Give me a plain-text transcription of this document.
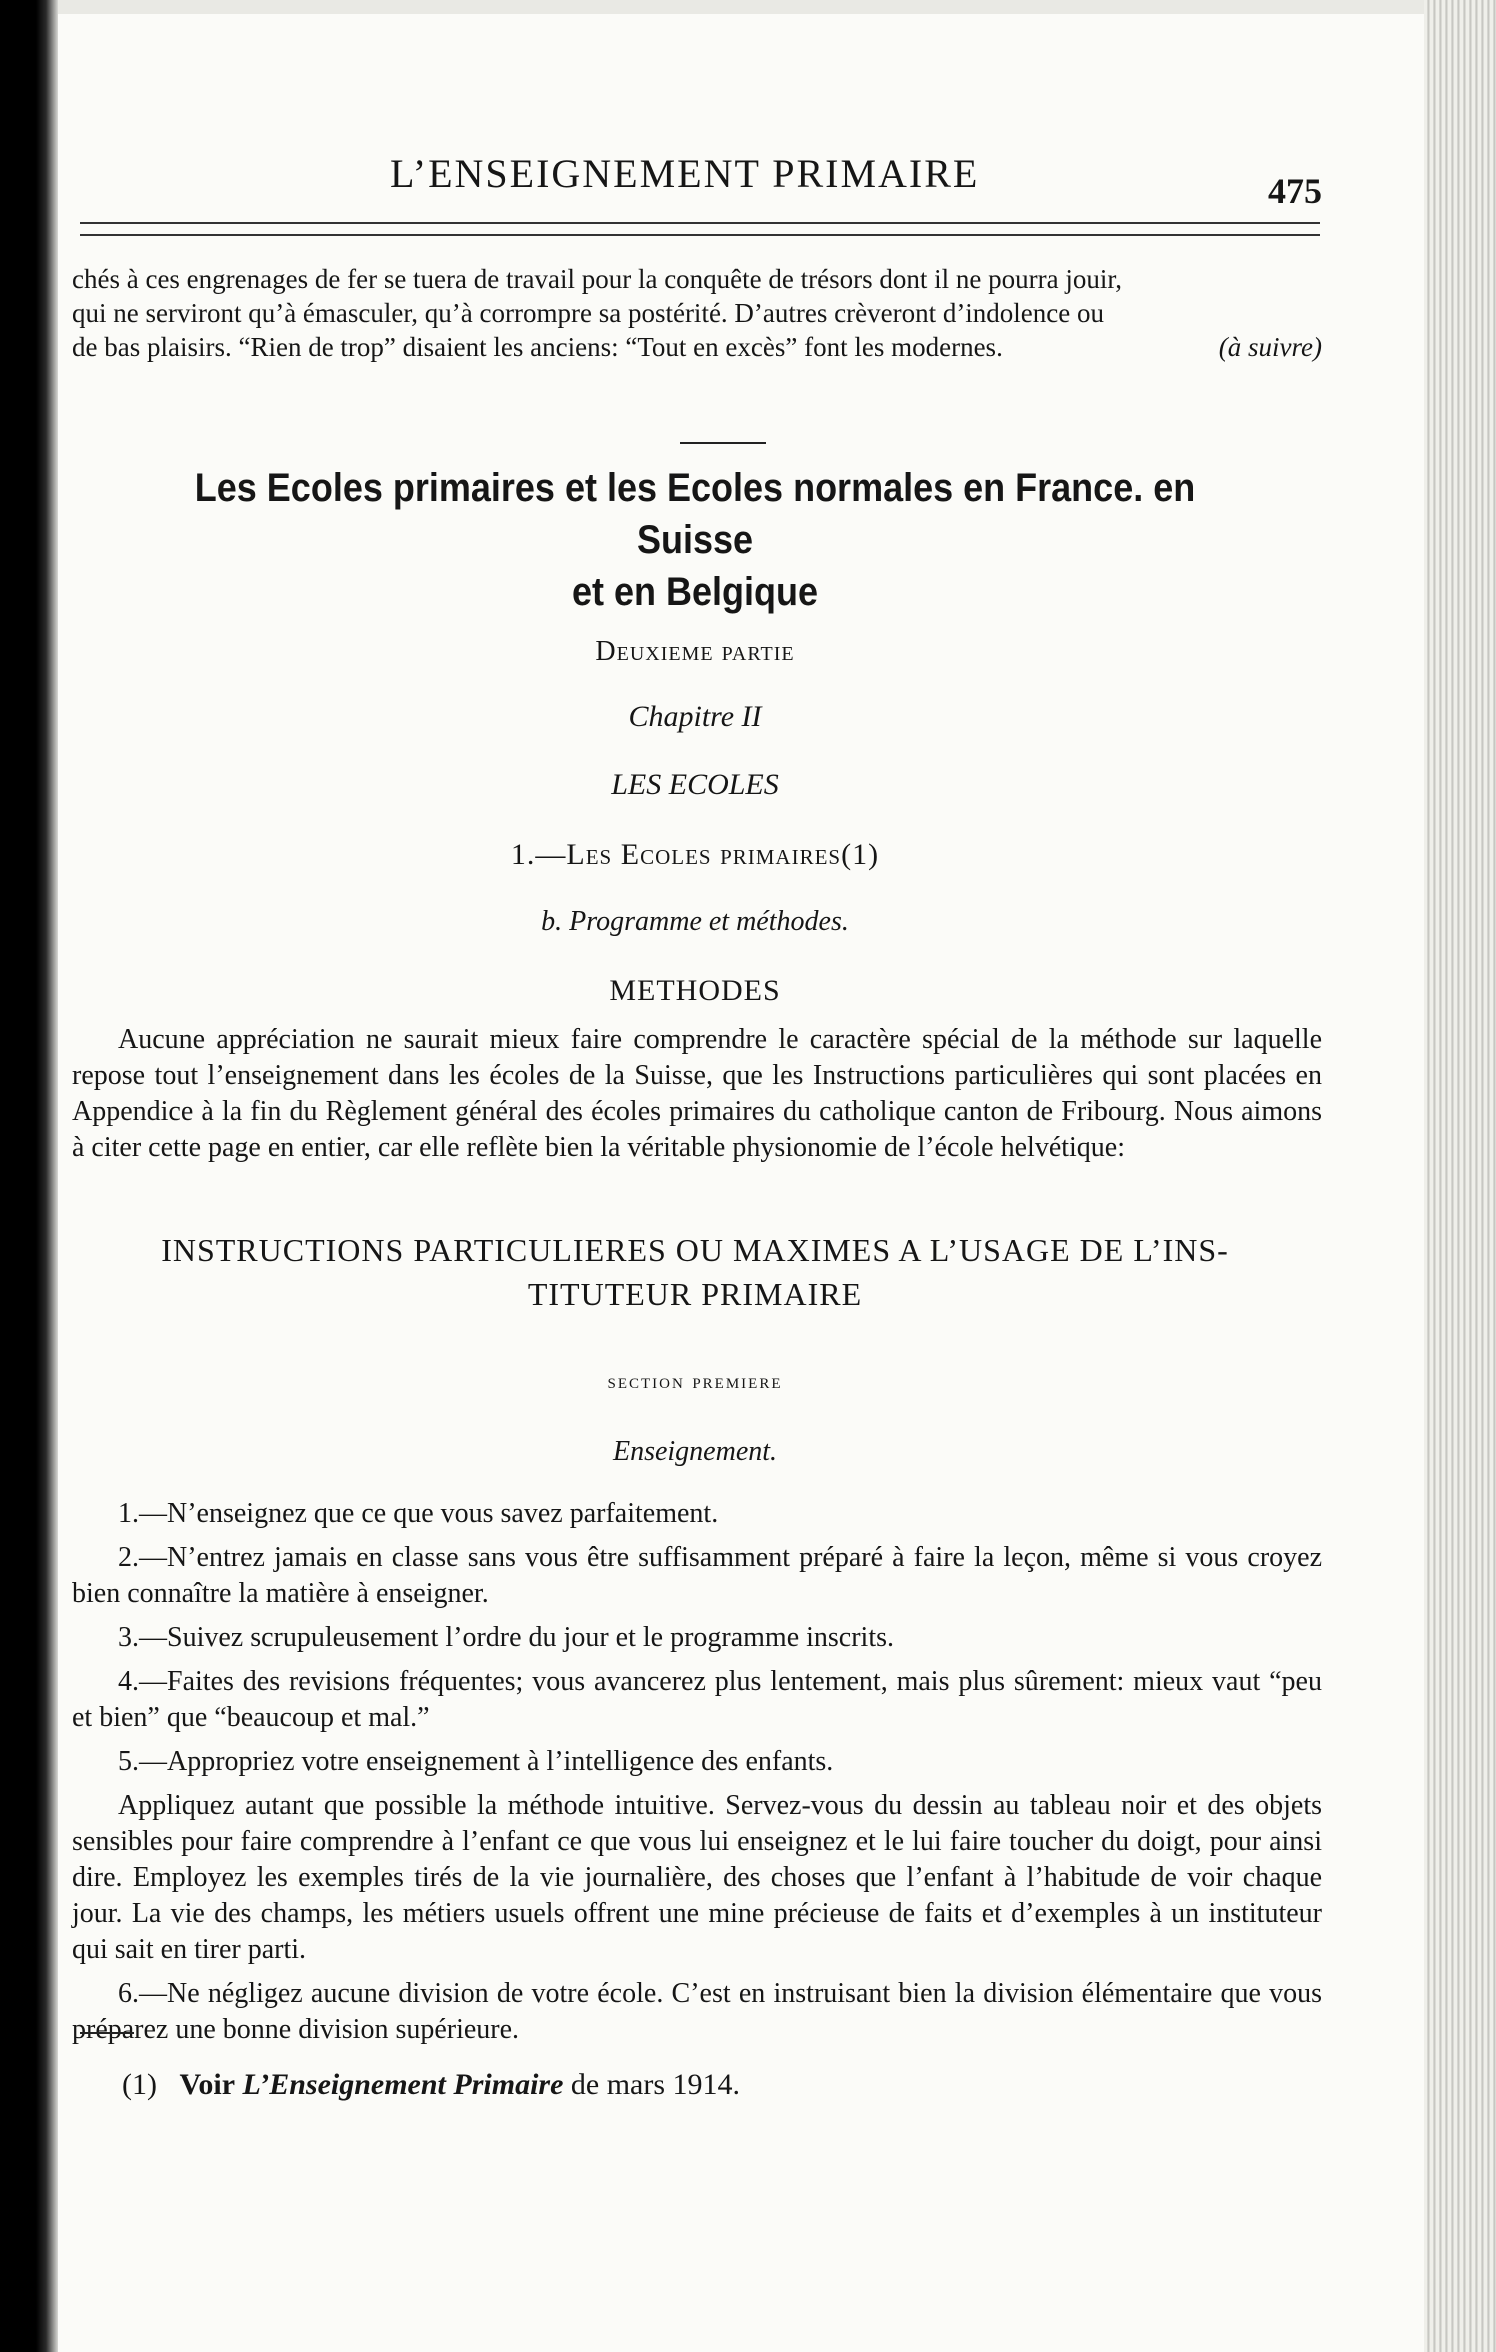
L’ENSEIGNEMENT PRIMAIRE	475

chés à ces engrenages de fer se tuera de travail pour la conquête de trésors dont il ne pourra jouir,

qui ne serviront qu’à émasculer, qu’à corrompre sa postérité. D’autres crèveront d’indolence ou

de bas plaisirs. “Rien de trop” disaient les anciens: “Tout en excès” font les modernes.	(à suivre)

Les Ecoles primaires et les Ecoles normales en France. en Suisse
et en Belgique
Deuxieme partie
Chapitre II
LES ECOLES
1.—Les Ecoles primaires(1)
b. Programme et méthodes.
METHODES
Aucune appréciation ne saurait mieux faire comprendre le caractère spécial de la méthode sur laquelle repose tout l’enseignement dans les écoles de la Suisse, que les Instructions particulières qui sont placées en Appendice à la fin du Règlement général des écoles primaires du catholique canton de Fribourg. Nous aimons à citer cette page en entier, car elle reflète bien la véritable physionomie de l’école helvétique:
INSTRUCTIONS PARTICULIERES OU MAXIMES A L’USAGE DE L’INS-
TITUTEUR PRIMAIRE
section premiere
Enseignement.

1.—N’enseignez que ce que vous savez parfaitement.

2.—N’entrez jamais en classe sans vous être suffisamment préparé à faire la leçon, même si vous croyez bien connaître la matière à enseigner.

3.—Suivez scrupuleusement l’ordre du jour et le programme inscrits.

4.—Faites des revisions fréquentes; vous avancerez plus lentement, mais plus sûrement: mieux vaut “peu et bien” que “beaucoup et mal.”

5.—Appropriez votre enseignement à l’intelligence des enfants.

Appliquez autant que possible la méthode intuitive. Servez-vous du dessin au tableau noir et des objets sensibles pour faire comprendre à l’enfant ce que vous lui enseignez et le lui faire toucher du doigt, pour ainsi dire. Employez les exemples tirés de la vie journalière, des choses que l’enfant à l’habitude de voir chaque jour. La vie des champs, les métiers usuels offrent une mine précieuse de faits et d’exemples à un instituteur qui sait en tirer parti.

6.—Ne négligez aucune division de votre école. C’est en instruisant bien la division élémentaire que vous préparez une bonne division supérieure.

(1) Voir L’Enseignement Primaire de mars 1914.
